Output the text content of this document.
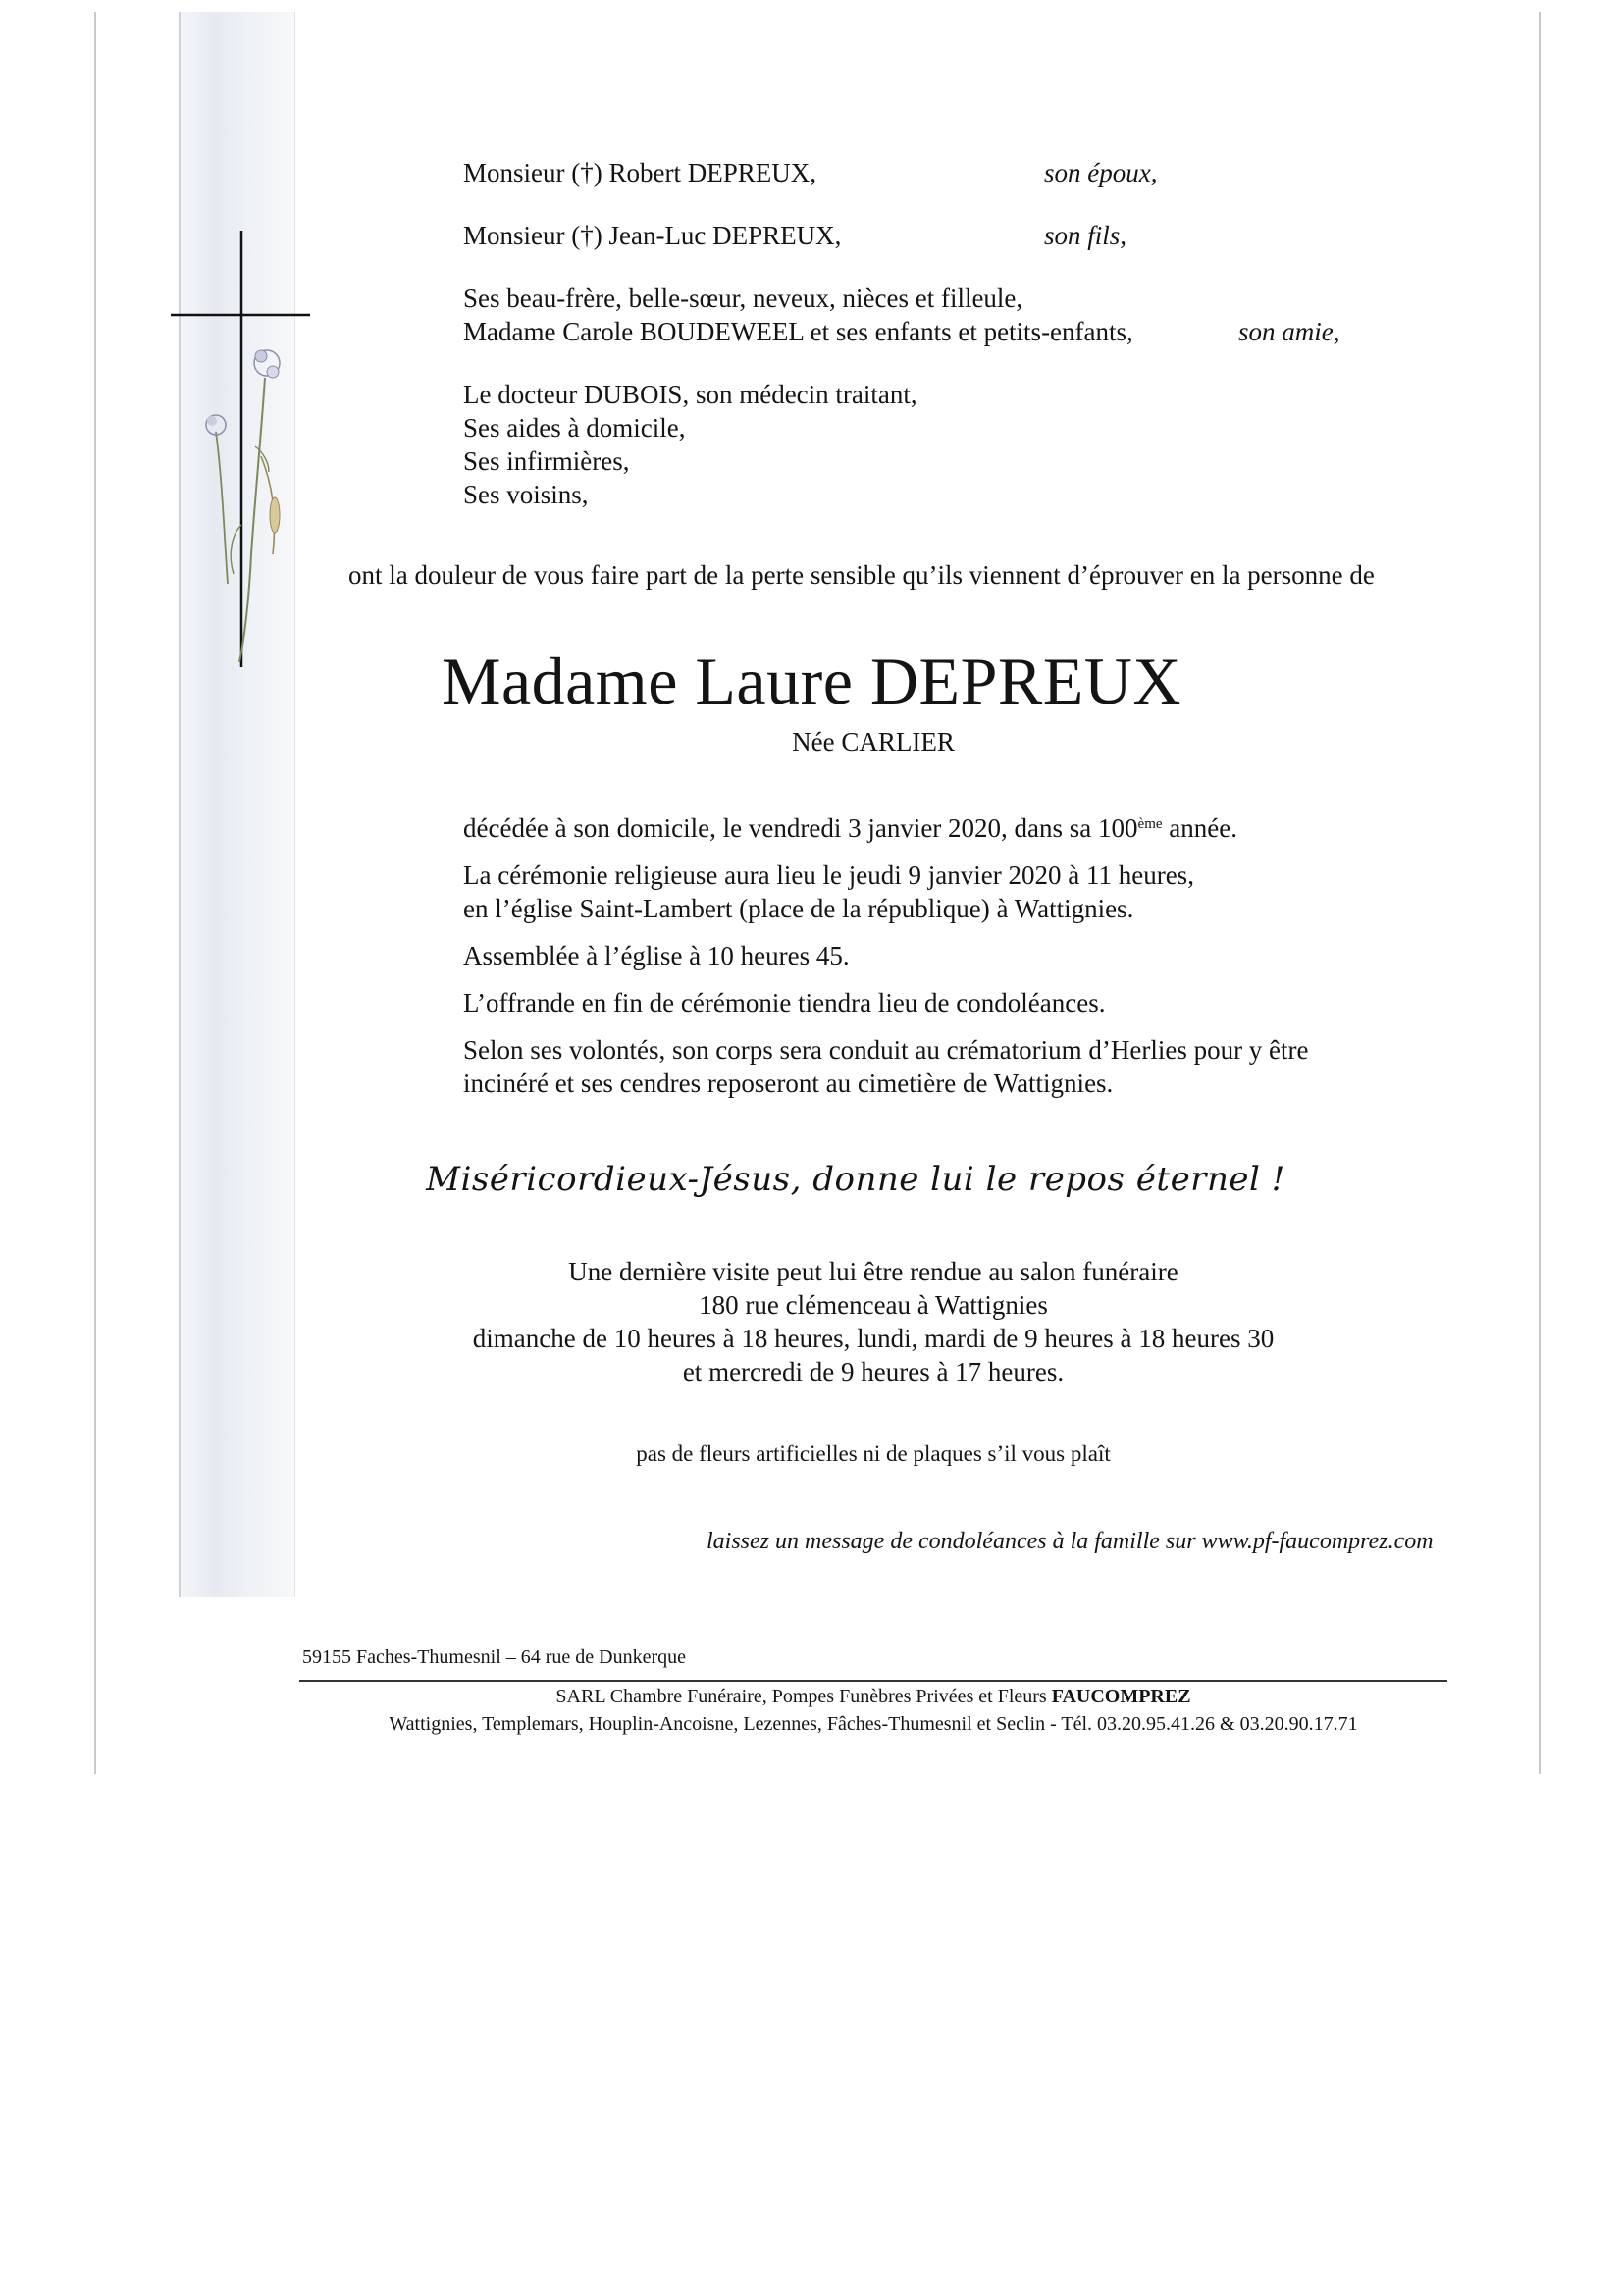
Monsieur (†) Robert DEPREUX,	son époux,
Monsieur (†) Jean-Luc DEPREUX,	son fils,
Ses beau-frère, belle-sœur, neveux, nièces et filleule,
Madame Carole BOUDEWEEL et ses enfants et petits-enfants,	son amie,
Le docteur DUBOIS, son médecin traitant,
Ses aides à domicile,
Ses infirmières,
Ses voisins,
ont la douleur de vous faire part de la perte sensible qu’ils viennent d’éprouver en la personne de
Madame Laure DEPREUX
Née CARLIER
décédée à son domicile, le vendredi 3 janvier 2020, dans sa 100ème année.
La cérémonie religieuse aura lieu le jeudi 9 janvier 2020 à 11 heures,
en l’église Saint-Lambert (place de la république) à Wattignies.
Assemblée à l’église à 10 heures 45.
L’offrande en fin de cérémonie tiendra lieu de condoléances.
Selon ses volontés, son corps sera conduit au crématorium d’Herlies pour y être
incinéré et ses cendres reposeront au cimetière de Wattignies.
Miséricordieux-Jésus, donne lui le repos éternel !
Une dernière visite peut lui être rendue au salon funéraire
180 rue clémenceau à Wattignies
dimanche de 10 heures à 18 heures, lundi, mardi de 9 heures à 18 heures 30
et mercredi de 9 heures à 17 heures.
pas de fleurs artificielles ni de plaques s’il vous plaît
laissez un message de condoléances à la famille sur www.pf-faucomprez.com
59155 Faches-Thumesnil – 64 rue de Dunkerque
SARL Chambre Funéraire, Pompes Funèbres Privées et Fleurs FAUCOMPREZ
Wattignies, Templemars, Houplin-Ancoisne, Lezennes, Fâches-Thumesnil et Seclin - Tél. 03.20.95.41.26 & 03.20.90.17.71
